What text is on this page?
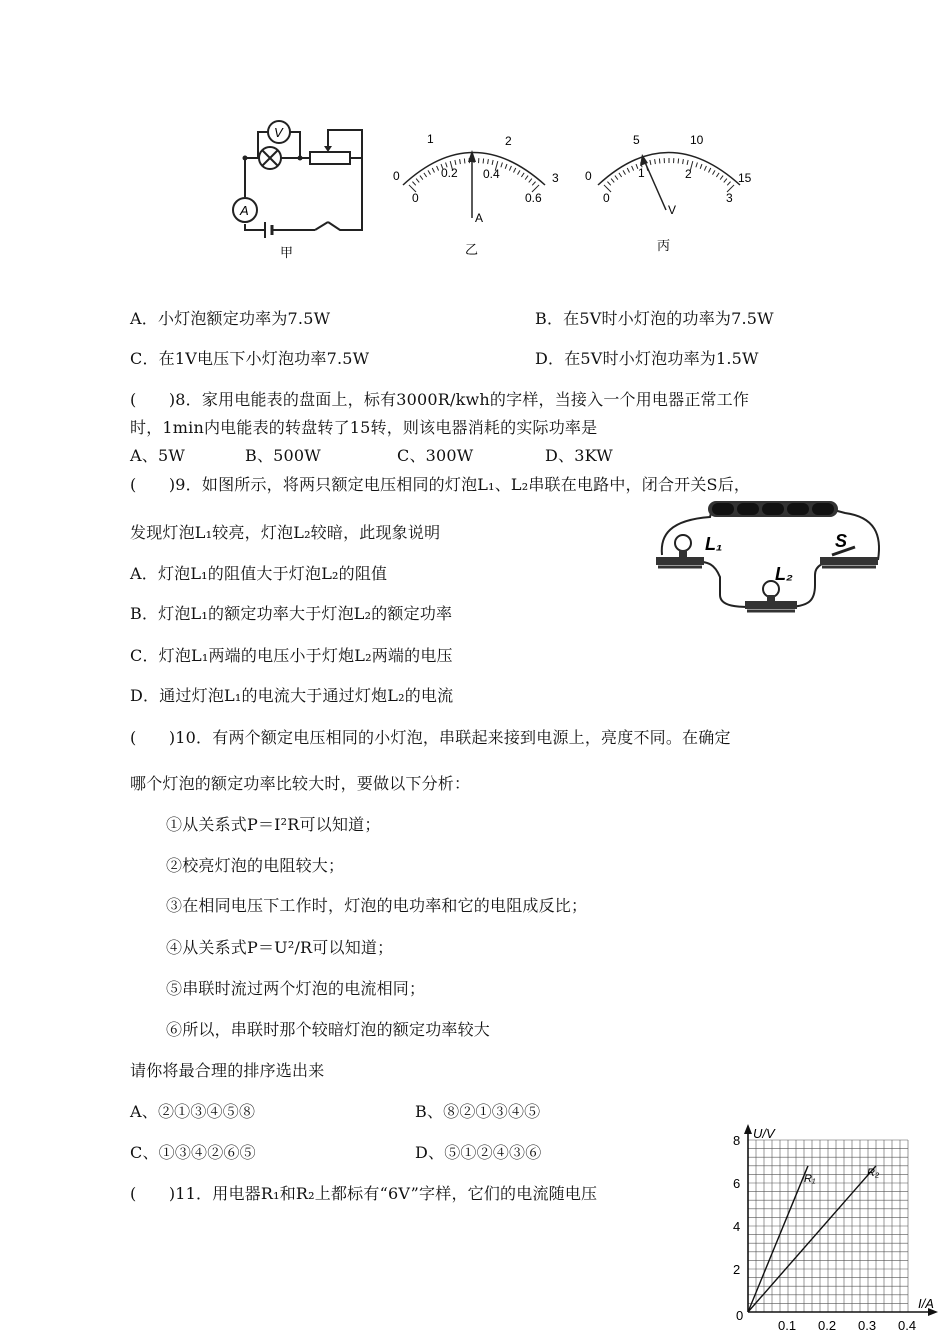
V
A
甲
0
1	2
3
0
0.2 0.4
0.6
A
乙
0
5	10
15
0
1	2
3
V
丙
A．小灯泡额定功率为7.5W	B．在5V时小灯泡的功率为7.5W
C．在1V电压下小灯泡功率7.5W	D．在5V时小灯泡功率为1.5W
(　　)8．家用电能表的盘面上，标有3000R/kwh的字样，当接入一个用电器正常工作
时，1min内电能表的转盘转了15转，则该电器消耗的实际功率是
A、5W	B、500W	C、300W	D、3KW
(　　)9．如图所示，将两只额定电压相同的灯泡L₁、L₂串联在电路中，闭合开关S后，
发现灯泡L₁较亮，灯泡L₂较暗，此现象说明
A．灯泡L₁的阻值大于灯泡L₂的阻值
B．灯泡L₁的额定功率大于灯泡L₂的额定功率
C．灯泡L₁两端的电压小于灯炮L₂两端的电压
D．通过灯泡L₁的电流大于通过灯炮L₂的电流
L₁	S
L₂
(　　)10．有两个额定电压相同的小灯泡，串联起来接到电源上，亮度不同。在确定
哪个灯泡的额定功率比较大时，要做以下分析：
①从关系式P＝I²R可以知道；
②校亮灯泡的电阻较大；
③在相同电压下工作时，灯泡的电功率和它的电阻成反比；
④从关系式P＝U²/R可以知道；
⑤串联时流过两个灯泡的电流相同；
⑥所以，串联时那个较暗灯泡的额定功率较大
请你将最合理的排序选出来
A、②①③④⑤⑧	B、⑧②①③④⑤
C、①③④②⑥⑤	D、⑤①②④③⑥
(　　)11．用电器R₁和R₂上都标有“6V”字样，它们的电流随电压
U/V
I/A
0
2
4
6
8
0.1 0.2 0.3 0.4
R₁	R₂
